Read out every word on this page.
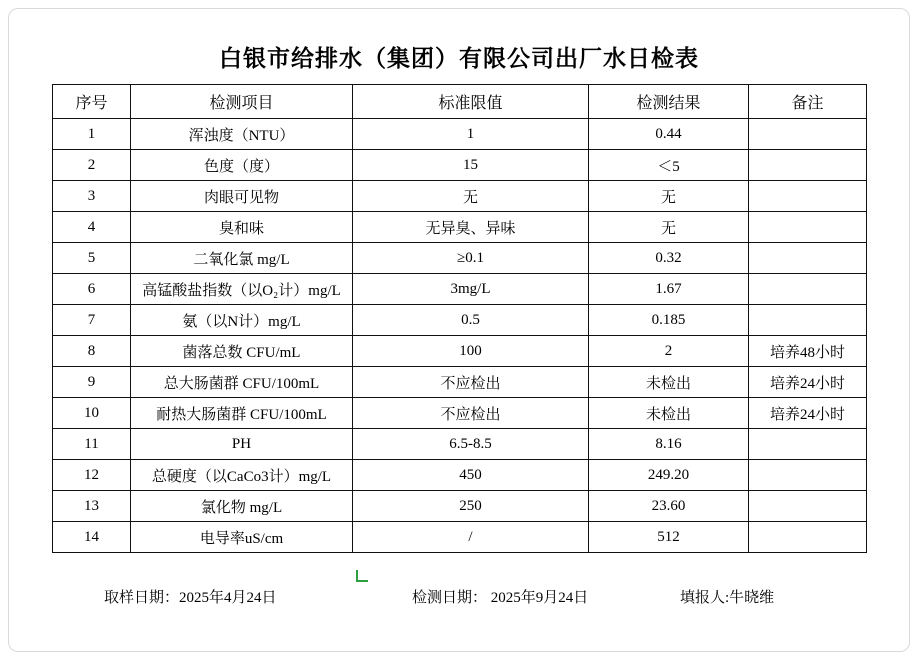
白银市给排水（集团）有限公司出厂水日检表
序号	检测项目	标准限值	检测结果	备注
1	浑浊度（NTU）	1	0.44	
2	色度（度）	15	＜5	
3	肉眼可见物	无	无	
4	臭和味	无异臭、异味	无	
5	二氧化氯 mg/L	≥0.1	0.32	
6	高锰酸盐指数（以O₂计）mg/L	3mg/L	1.67	
7	氨（以N计）mg/L	0.5	0.185	
8	菌落总数 CFU/mL	100	2	培养48小时
9	总大肠菌群 CFU/100mL	不应检出	未检出	培养24小时
10	耐热大肠菌群 CFU/100mL	不应检出	未检出	培养24小时
11	PH	6.5-8.5	8.16	
12	总硬度（以CaCo3计）mg/L	450	249.20	
13	氯化物 mg/L	250	23.60	
14	电导率uS/cm	/	512	
取样日期：2025年4月24日	检测日期： 2025年9月24日	填报人:牛晓维
